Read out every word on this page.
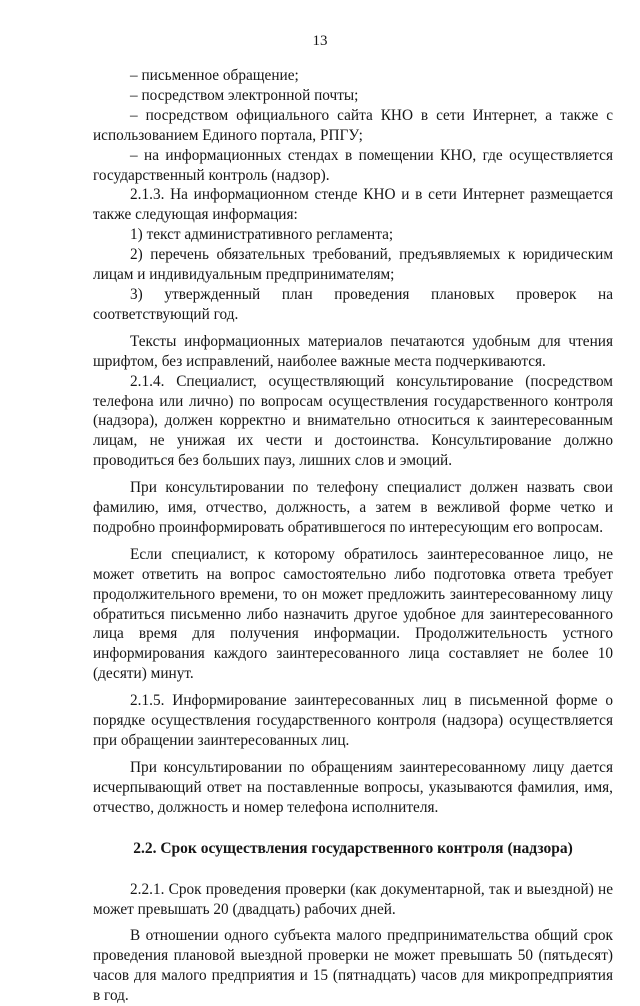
13

– письменное обращение;

– посредством электронной почты;

– посредством официального сайта КНО в сети Интернет, а также с использованием Единого портала, РПГУ;

– на информационных стендах в помещении КНО, где осуществляется государственный контроль (надзор).

2.1.3. На информационном стенде КНО и в сети Интернет размещается также следующая информация:

1) текст административного регламента;

2) перечень обязательных требований, предъявляемых к юридическим лицам и индивидуальным предпринимателям;

3) утвержденный план проведения плановых проверок на соответствующий год.

Тексты информационных материалов печатаются удобным для чтения шрифтом, без исправлений, наиболее важные места подчеркиваются.

2.1.4. Специалист, осуществляющий консультирование (посредством телефона или лично) по вопросам осуществления государственного контроля (надзора), должен корректно и внимательно относиться к заинтересованным лицам, не унижая их чести и достоинства. Консультирование должно проводиться без больших пауз, лишних слов и эмоций.

При консультировании по телефону специалист должен назвать свои фамилию, имя, отчество, должность, а затем в вежливой форме четко и подробно проинформировать обратившегося по интересующим его вопросам.

Если специалист, к которому обратилось заинтересованное лицо, не может ответить на вопрос самостоятельно либо подготовка ответа требует продолжительного времени, то он может предложить заинтересованному лицу обратиться письменно либо назначить другое удобное для заинтересованного лица время для получения информации. Продолжительность устного информирования каждого заинтересованного лица составляет не более 10 (десяти) минут.

2.1.5. Информирование заинтересованных лиц в письменной форме о порядке осуществления государственного контроля (надзора) осуществляется при обращении заинтересованных лиц.

При консультировании по обращениям заинтересованному лицу дается исчерпывающий ответ на поставленные вопросы, указываются фамилия, имя, отчество, должность и номер телефона исполнителя.

2.2. Срок осуществления государственного контроля (надзора)

2.2.1. Срок проведения проверки (как документарной, так и выездной) не может превышать 20 (двадцать) рабочих дней.

В отношении одного субъекта малого предпринимательства общий срок проведения плановой выездной проверки не может превышать 50 (пятьдесят) часов для малого предприятия и 15 (пятнадцать) часов для микропредприятия в год.
